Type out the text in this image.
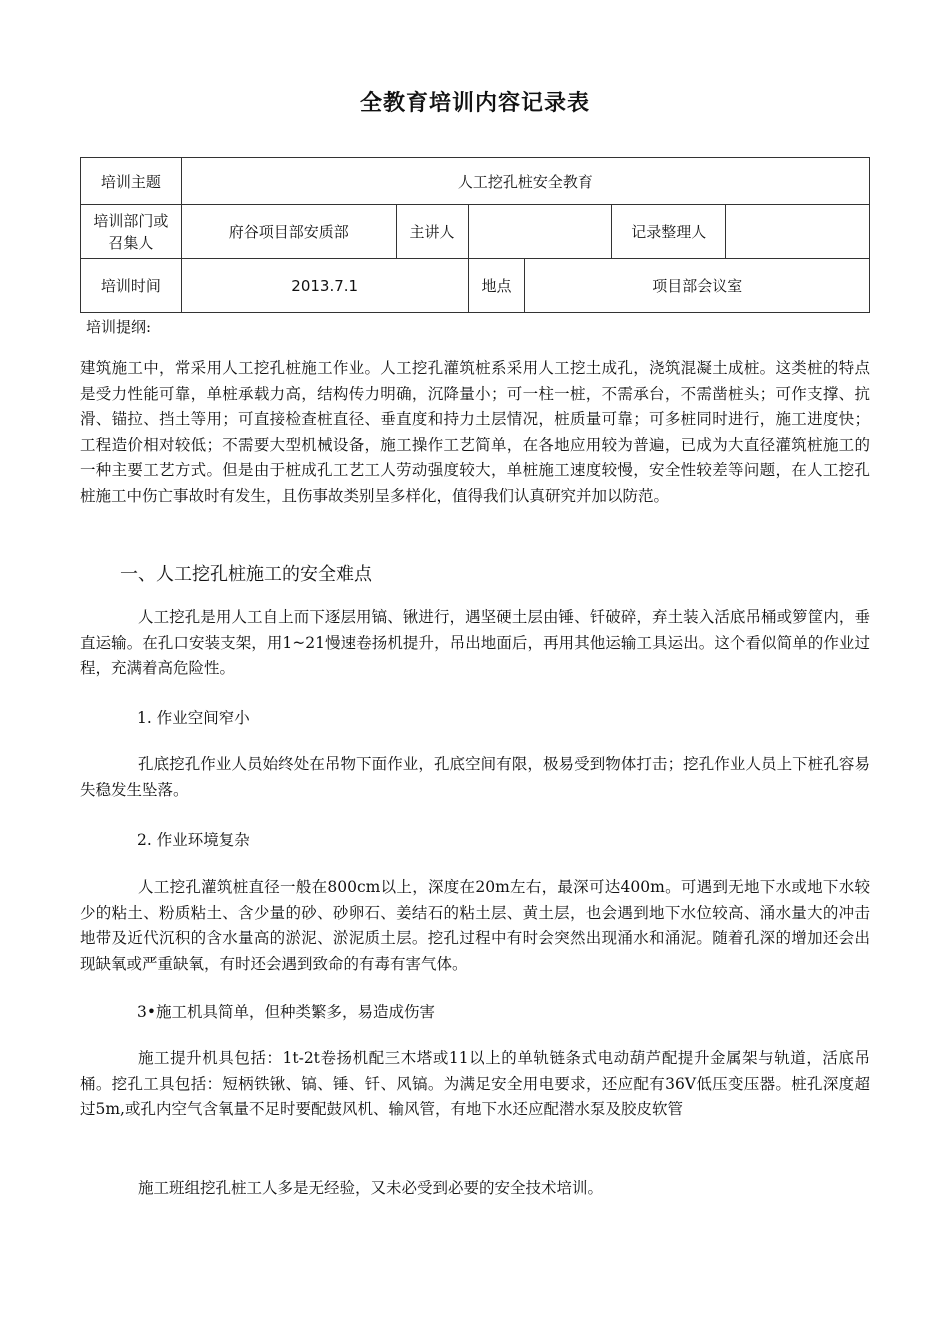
全教育培训内容记录表
培训主题	人工挖孔桩安全教育					
培训部门或召集人	府谷项目部安质部	主讲人			记录整理人	
培训时间	2013.7.1		地点	项目部会议室		
培训提纲:
建筑施工中，常采用人工挖孔桩施工作业。人工挖孔灌筑桩系采用人工挖土成孔，浇筑混凝土成桩。这类桩的特点是受力性能可靠，单桩承载力高，结构传力明确，沉降量小；可一柱一桩，不需承台，不需凿桩头；可作支撑、抗滑、锚拉、挡土等用；可直接检查桩直径、垂直度和持力土层情况，桩质量可靠；可多桩同时进行，施工进度快；工程造价相对较低；不需要大型机械设备，施工操作工艺简单，在各地应用较为普遍，已成为大直径灌筑桩施工的一种主要工艺方式。但是由于桩成孔工艺工人劳动强度较大，单桩施工速度较慢，安全性较差等问题，在人工挖孔桩施工中伤亡事故时有发生，且伤事故类别呈多样化，值得我们认真研究并加以防范。
一、人工挖孔桩施工的安全难点
人工挖孔是用人工自上而下逐层用镐、锹进行，遇坚硬土层由锤、钎破碎，弃土装入活底吊桶或箩筐内，垂直运输。在孔口安装支架，用1~21慢速卷扬机提升，吊出地面后，再用其他运输工具运出。这个看似简单的作业过程，充满着高危险性。
1. 作业空间窄小
孔底挖孔作业人员始终处在吊物下面作业，孔底空间有限，极易受到物体打击；挖孔作业人员上下桩孔容易失稳发生坠落。
2. 作业环境复杂
人工挖孔灌筑桩直径一般在800cm以上，深度在20m左右，最深可达400m。可遇到无地下水或地下水较少的粘土、粉质粘土、含少量的砂、砂卵石、姜结石的粘土层、黄土层，也会遇到地下水位较高、涌水量大的冲击地带及近代沉积的含水量高的淤泥、淤泥质土层。挖孔过程中有时会突然出现涌水和涌泥。随着孔深的增加还会出现缺氧或严重缺氧，有时还会遇到致命的有毒有害气体。
3•施工机具简单，但种类繁多，易造成伤害
施工提升机具包括：1t-2t卷扬机配三木塔或11以上的单轨链条式电动葫芦配提升金属架与轨道，活底吊桶。挖孔工具包括：短柄铁锹、镐、锤、钎、风镐。为满足安全用电要求，还应配有36V低压变压器。桩孔深度超过5m,或孔内空气含氧量不足时要配鼓风机、输风管，有地下水还应配潜水泵及胶皮软管
施工班组挖孔桩工人多是无经验，又未必受到必要的安全技术培训。
